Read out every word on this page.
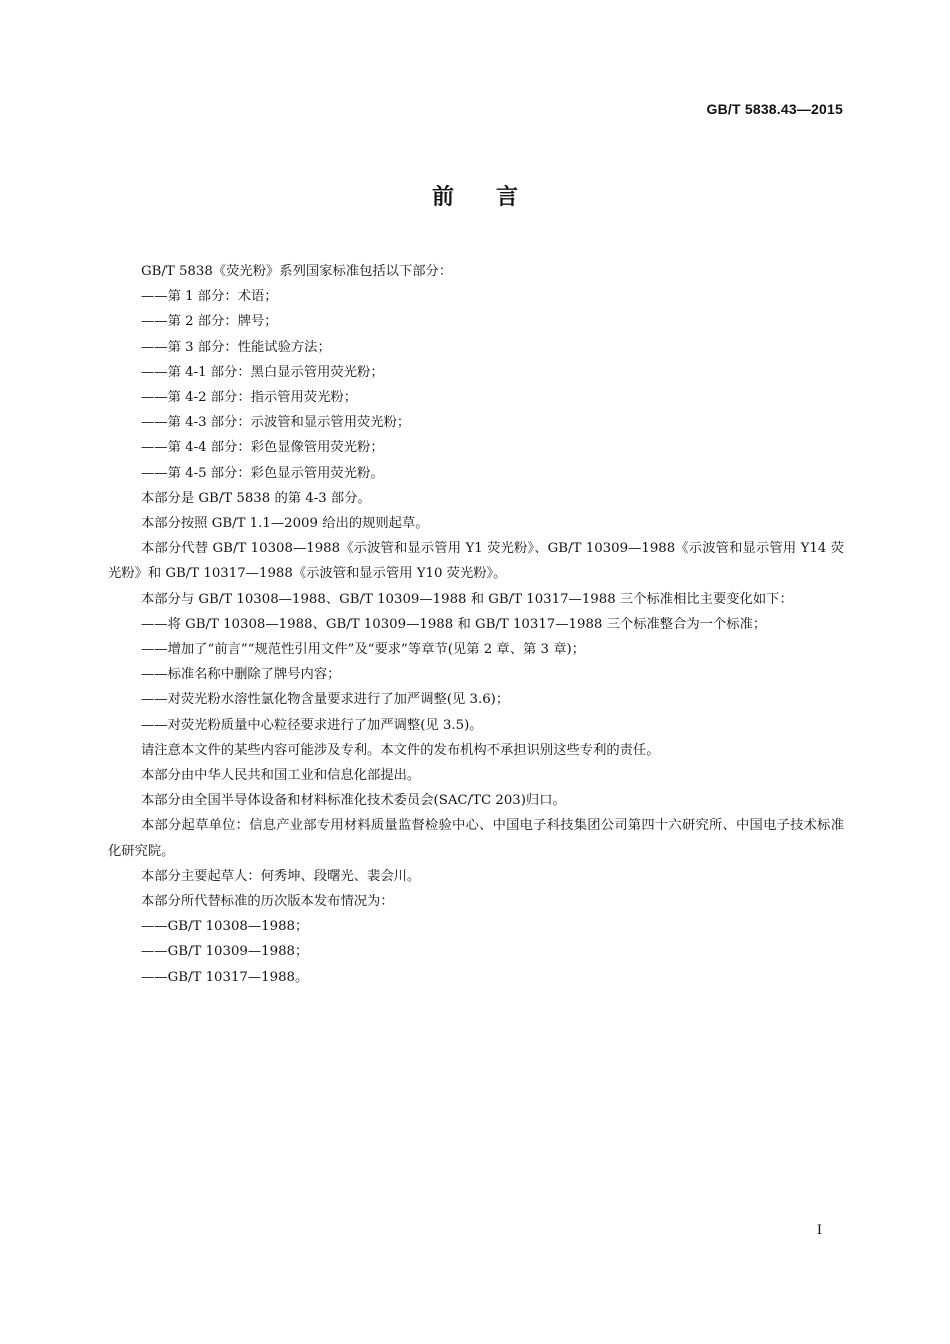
GB/T 5838.43—2015
前言

GB/T 5838《荧光粉》系列国家标准包括以下部分：

——第 1 部分：术语；

——第 2 部分：牌号；

——第 3 部分：性能试验方法；

——第 4-1 部分：黑白显示管用荧光粉；

——第 4-2 部分：指示管用荧光粉；

——第 4-3 部分：示波管和显示管用荧光粉；

——第 4-4 部分：彩色显像管用荧光粉；

——第 4-5 部分：彩色显示管用荧光粉。

本部分是 GB/T 5838 的第 4-3 部分。

本部分按照 GB/T 1.1—2009 给出的规则起草。

本部分代替 GB/T 10308—1988《示波管和显示管用 Y1 荧光粉》、GB/T 10309—1988《示波管和显示管用 Y14 荧光粉》和 GB/T 10317—1988《示波管和显示管用 Y10 荧光粉》。

本部分与 GB/T 10308—1988、GB/T 10309—1988 和 GB/T 10317—1988 三个标准相比主要变化如下：

——将 GB/T 10308—1988、GB/T 10309—1988 和 GB/T 10317—1988 三个标准整合为一个标准；

——增加了“前言”“规范性引用文件”及“要求”等章节(见第 2 章、第 3 章)；

——标准名称中删除了牌号内容；

——对荧光粉水溶性氯化物含量要求进行了加严调整(见 3.6)；

——对荧光粉质量中心粒径要求进行了加严调整(见 3.5)。

请注意本文件的某些内容可能涉及专利。本文件的发布机构不承担识别这些专利的责任。

本部分由中华人民共和国工业和信息化部提出。

本部分由全国半导体设备和材料标准化技术委员会(SAC/TC 203)归口。

本部分起草单位：信息产业部专用材料质量监督检验中心、中国电子科技集团公司第四十六研究所、中国电子技术标准化研究院。

本部分主要起草人：何秀坤、段曙光、裴会川。

本部分所代替标准的历次版本发布情况为：

——GB/T 10308—1988；

——GB/T 10309—1988；

——GB/T 10317—1988。

I
